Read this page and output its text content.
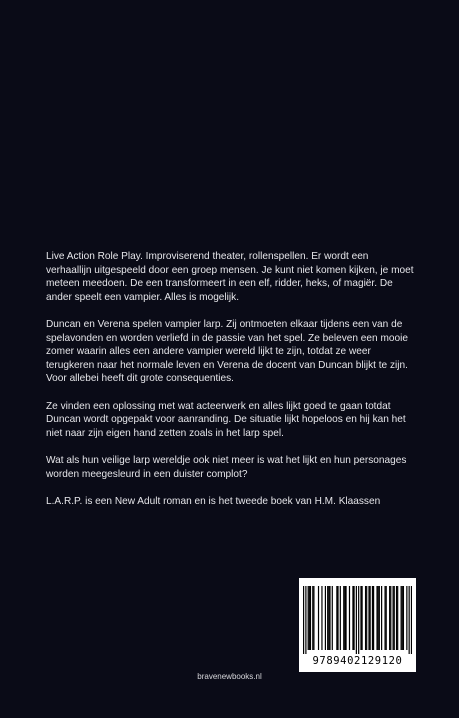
Live Action Role Play. Improviserend theater, rollenspellen. Er wordt een verhaallijn uitgespeeld door een groep mensen. Je kunt niet komen kijken, je moet meteen meedoen. De een transformeert in een elf, ridder, heks, of magiër. De ander speelt een vampier. Alles is mogelijk.

Duncan en Verena spelen vampier larp. Zij ontmoeten elkaar tijdens een van de spelavonden en worden verliefd in de passie van het spel. Ze beleven een mooie zomer waarin alles een andere vampier wereld lijkt te zijn, totdat ze weer terugkeren naar het normale leven en Verena de docent van Duncan blijkt te zijn. Voor allebei heeft dit grote consequenties.

Ze vinden een oplossing met wat acteerwerk en alles lijkt goed te gaan totdat Duncan wordt opgepakt voor aanranding. De situatie lijkt hopeloos en hij kan het niet naar zijn eigen hand zetten zoals in het larp spel.

Wat als hun veilige larp wereldje ook niet meer is wat het lijkt en hun personages worden meegesleurd in een duister complot?

L.A.R.P. is een New Adult roman en is het tweede boek van H.M. Klaassen

9789402129120
bravenewbooks.nl
